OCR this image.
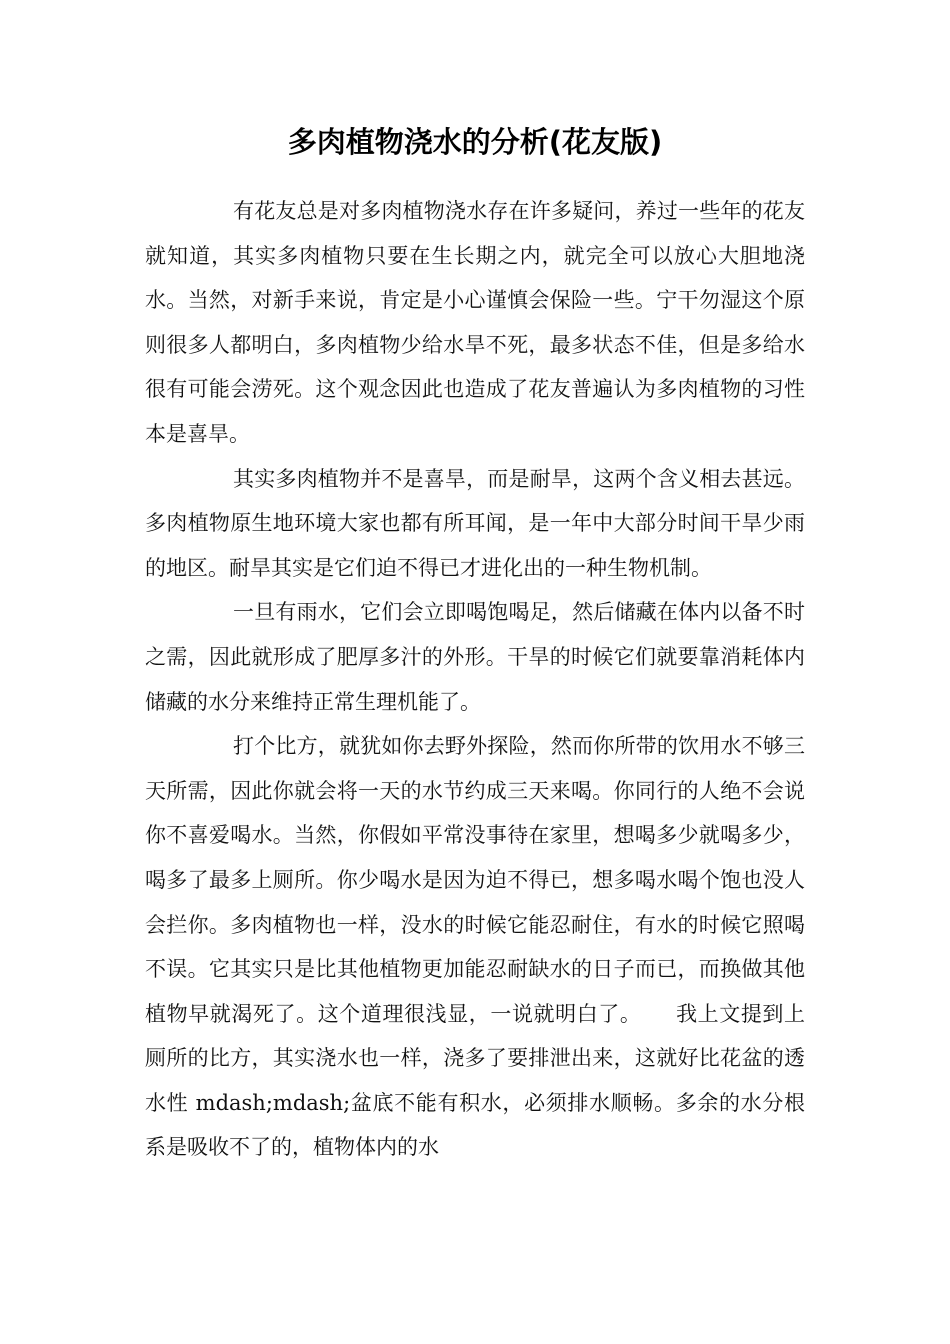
多肉植物浇水的分析(花友版)

有花友总是对多肉植物浇水存在许多疑问，养过一些年的花友就知道，其实多肉植物只要在生长期之内，就完全可以放心大胆地浇水。当然，对新手来说，肯定是小心谨慎会保险一些。宁干勿湿这个原则很多人都明白，多肉植物少给水旱不死，最多状态不佳，但是多给水很有可能会涝死。这个观念因此也造成了花友普遍认为多肉植物的习性本是喜旱。

其实多肉植物并不是喜旱，而是耐旱，这两个含义相去甚远。多肉植物原生地环境大家也都有所耳闻，是一年中大部分时间干旱少雨的地区。耐旱其实是它们迫不得已才进化出的一种生物机制。

一旦有雨水，它们会立即喝饱喝足，然后储藏在体内以备不时之需，因此就形成了肥厚多汁的外形。干旱的时候它们就要靠消耗体内储藏的水分来维持正常生理机能了。

打个比方，就犹如你去野外探险，然而你所带的饮用水不够三天所需，因此你就会将一天的水节约成三天来喝。你同行的人绝不会说你不喜爱喝水。当然，你假如平常没事待在家里，想喝多少就喝多少，喝多了最多上厕所。你少喝水是因为迫不得已，想多喝水喝个饱也没人会拦你。多肉植物也一样，没水的时候它能忍耐住，有水的时候它照喝不误。它其实只是比其他植物更加能忍耐缺水的日子而已，而换做其他植物早就渴死了。这个道理很浅显，一说就明白了。 我上文提到上厕所的比方，其实浇水也一样，浇多了要排泄出来，这就好比花盆的透水性 mdash;mdash;盆底不能有积水，必须排水顺畅。多余的水分根系是吸收不了的，植物体内的水
